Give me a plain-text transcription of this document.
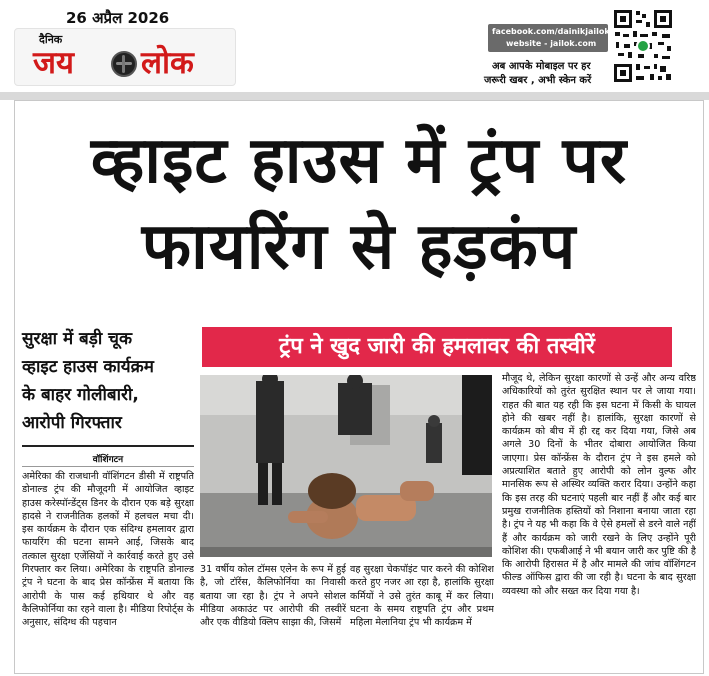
26 अप्रैल 2026
दैनिक
जय लोक
facebook.com/dainikjailok
website - jailok.com
अब आपके मोबाइल पर हर
जरूरी खबर , अभी स्केन करें
व्हाइट हाउस में ट्रंप पर
फायरिंग से हड़कंप
सुरक्षा में बड़ी चूक
व्हाइट हाउस कार्यक्रम
के बाहर गोलीबारी,
आरोपी गिरफ्तार
वॉशिंगटन
ट्रंप ने खुद जारी की हमलावर की तस्वीरें
अमेरिका की राजधानी वॉशिंगटन डीसी में राष्ट्रपति डोनाल्ड ट्रंप की मौजूदगी में आयोजित व्हाइट हाउस करेस्पॉन्डेंट्स डिनर के दौरान एक बड़े सुरक्षा हादसे ने राजनीतिक हलकों में हलचल मचा दी। इस कार्यक्रम के दौरान एक संदिग्ध हमलावर द्वारा फायरिंग की घटना सामने आई, जिसके बाद तत्काल सुरक्षा एजेंसियों ने कार्रवाई करते हुए उसे गिरफ्तार कर लिया। अमेरिका के राष्ट्रपति डोनाल्ड ट्रंप ने घटना के बाद प्रेस कॉन्फ्रेंस में बताया कि आरोपी के पास कई हथियार थे और वह कैलिफोर्निया का रहने वाला है। मीडिया रिपोर्ट्स के अनुसार, संदिग्ध की पहचान
31 वर्षीय कोल टॉमस एलेन के रूप में हुई है, जो टॉरेंस, कैलिफोर्निया का निवासी बताया जा रहा है। ट्रंप ने अपने सोशल मीडिया अकाउंट पर आरोपी की तस्वीरें और एक वीडियो क्लिप साझा की, जिसमें
वह सुरक्षा चेकपॉइंट पार करने की कोशिश करते हुए नजर आ रहा है, हालांकि सुरक्षा कर्मियों ने उसे तुरंत काबू में कर लिया। घटना के समय राष्ट्रपति ट्रंप और प्रथम महिला मेलानिया ट्रंप भी कार्यक्रम में
मौजूद थे, लेकिन सुरक्षा कारणों से उन्हें और अन्य वरिष्ठ अधिकारियों को तुरंत सुरक्षित स्थान पर ले जाया गया। राहत की बात यह रही कि इस घटना में किसी के घायल होने की खबर नहीं है। हालांकि, सुरक्षा कारणों से कार्यक्रम को बीच में ही रद्द कर दिया गया, जिसे अब अगले 30 दिनों के भीतर दोबारा आयोजित किया जाएगा। प्रेस कॉन्फ्रेंस के दौरान ट्रंप ने इस हमले को अप्रत्याशित बताते हुए आरोपी को लोन वुल्फ और मानसिक रूप से अस्थिर व्यक्ति करार दिया। उन्होंने कहा कि इस तरह की घटनाएं पहली बार नहीं हैं और कई बार प्रमुख राजनीतिक हस्तियों को निशाना बनाया जाता रहा है। ट्रंप ने यह भी कहा कि वे ऐसे हमलों से डरने वाले नहीं हैं और कार्यक्रम को जारी रखने के लिए उन्होंने पूरी कोशिश की। एफबीआई ने भी बयान जारी कर पुष्टि की है कि आरोपी हिरासत में है और मामले की जांच वॉशिंगटन फील्ड ऑफिस द्वारा की जा रही है। घटना के बाद सुरक्षा व्यवस्था को और सख्त कर दिया गया है।
